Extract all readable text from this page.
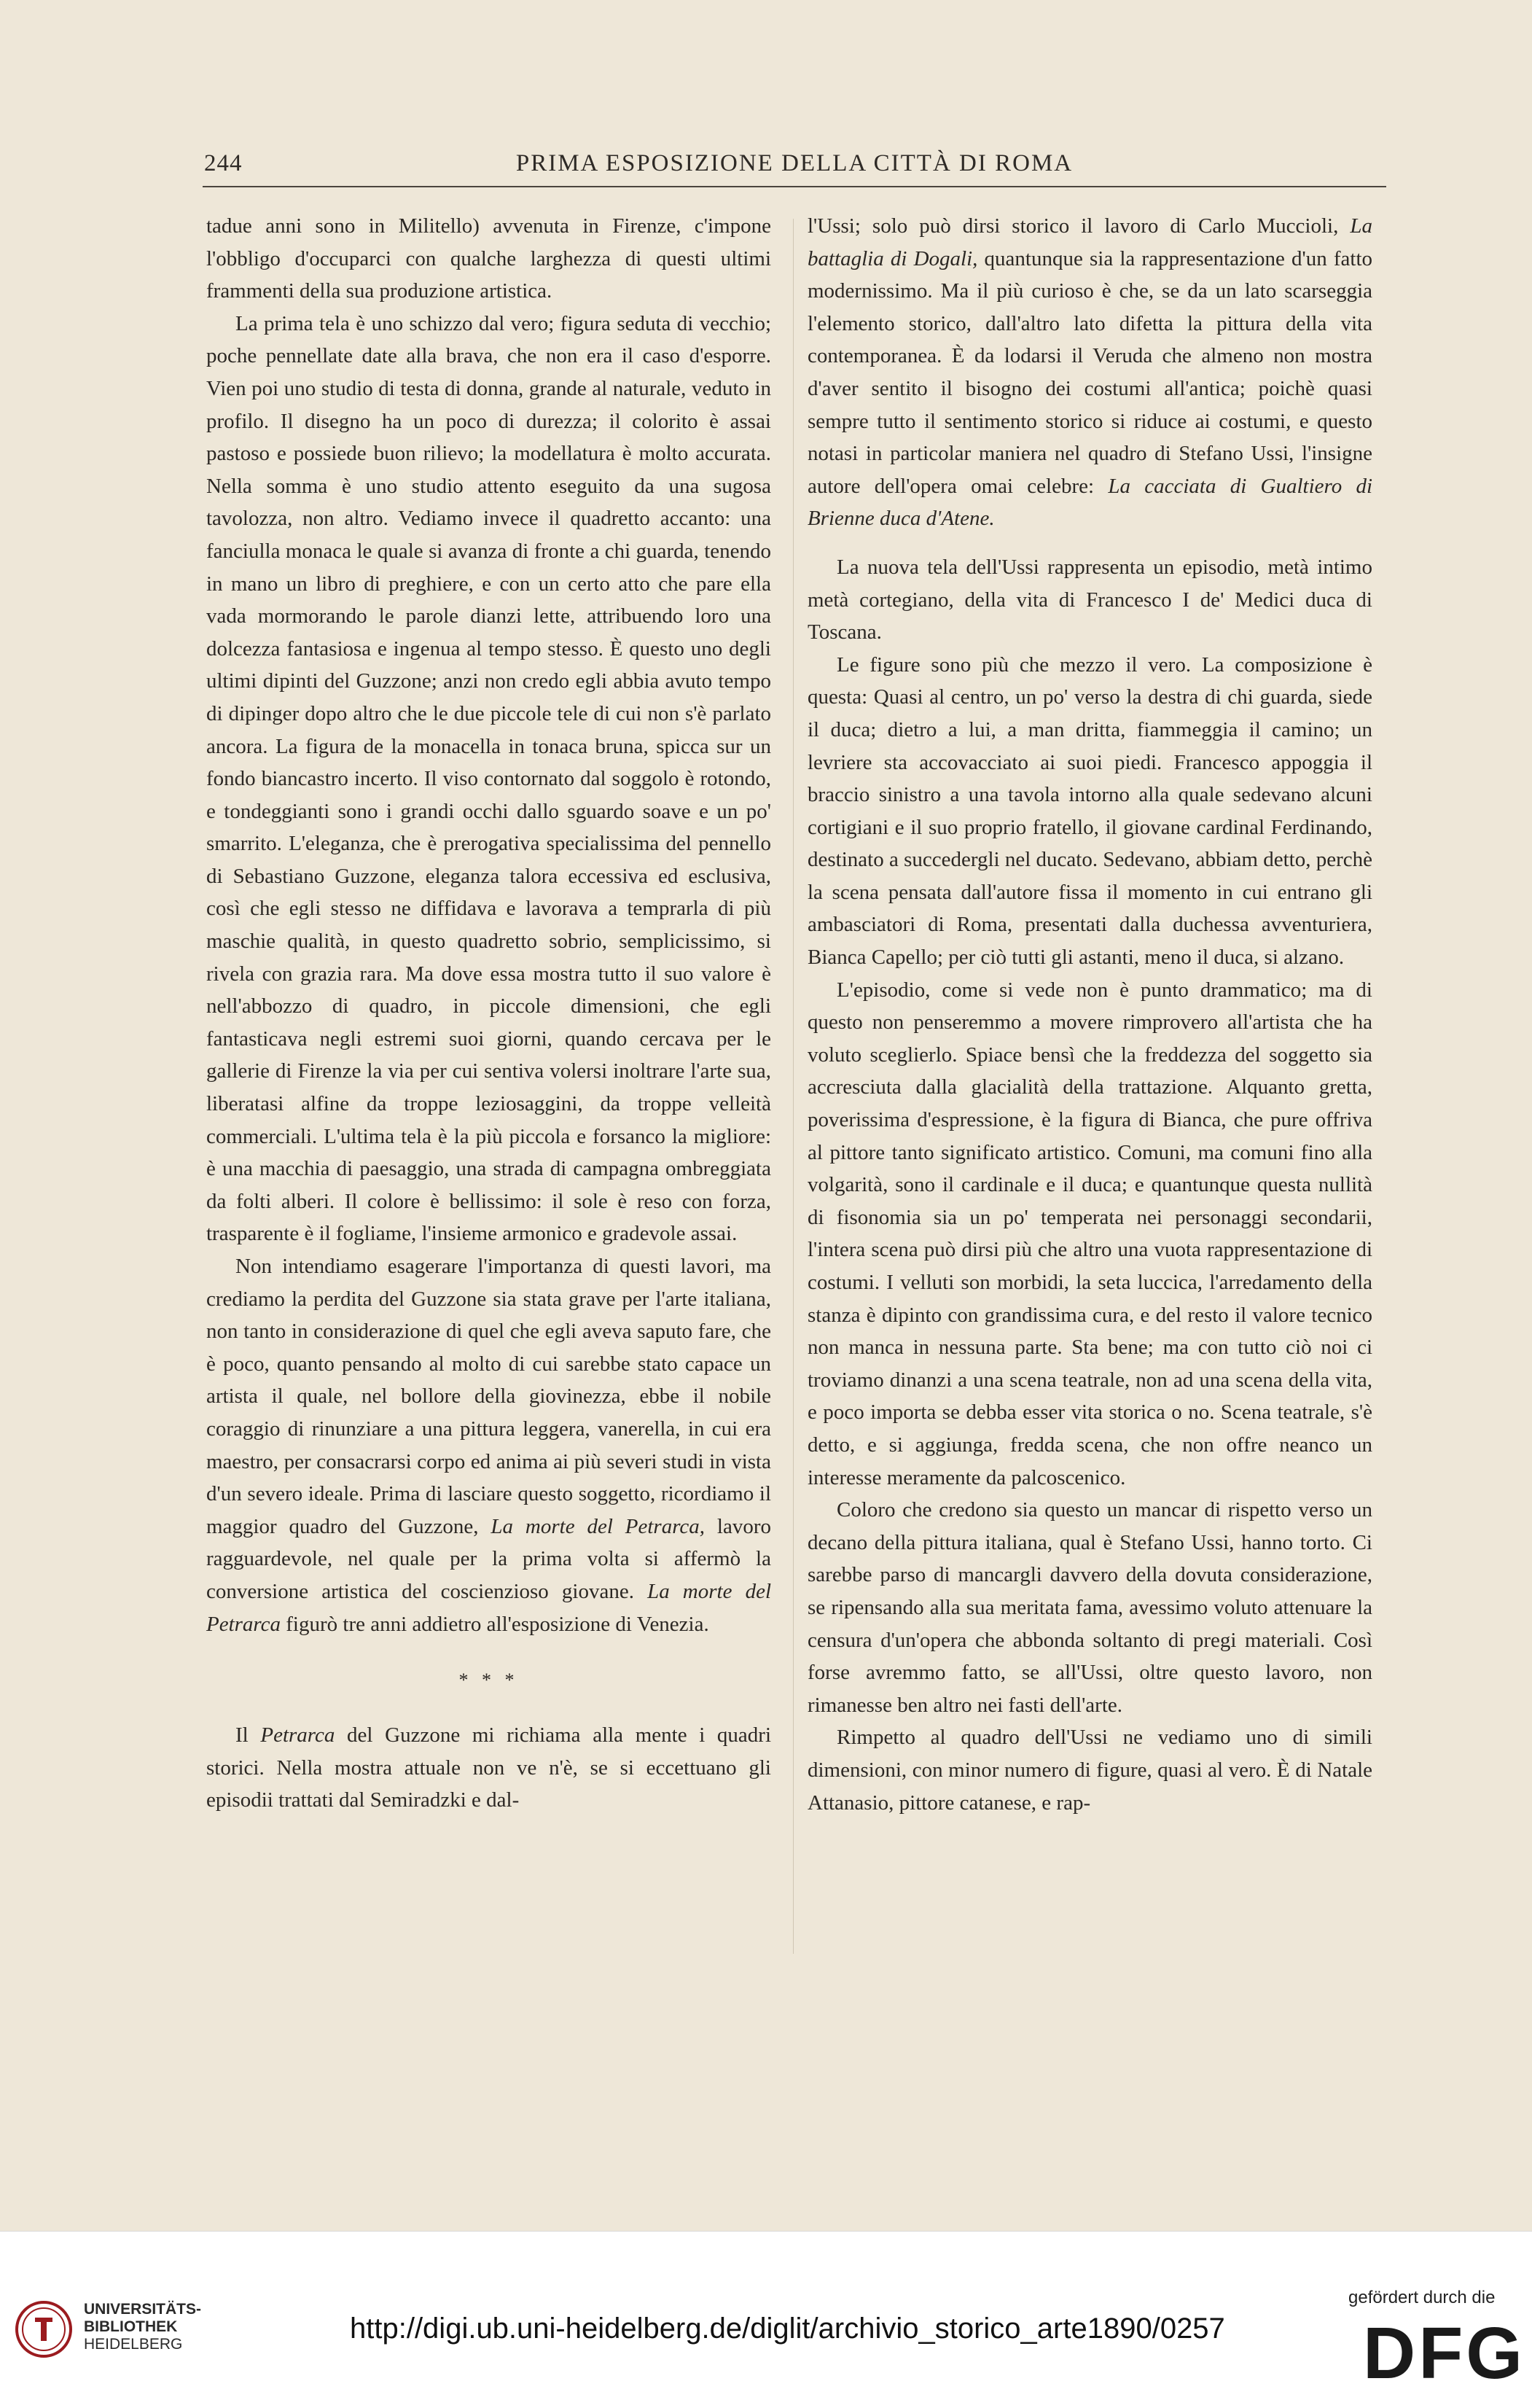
244	PRIMA ESPOSIZIONE DELLA CITTÀ DI ROMA

tadue anni sono in Militello) avvenuta in Firenze, c'impone l'obbligo d'occuparci con qualche larghezza di questi ultimi frammenti della sua produzione artistica.

La prima tela è uno schizzo dal vero; figura seduta di vecchio; poche pennellate date alla brava, che non era il caso d'esporre. Vien poi uno studio di testa di donna, grande al naturale, veduto in profilo. Il disegno ha un poco di durezza; il colorito è assai pastoso e possiede buon rilievo; la modellatura è molto accurata. Nella somma è uno studio attento eseguito da una sugosa tavolozza, non altro. Vediamo invece il quadretto accanto: una fanciulla monaca le quale si avanza di fronte a chi guarda, tenendo in mano un libro di preghiere, e con un certo atto che pare ella vada mormorando le parole dianzi lette, attribuendo loro una dolcezza fantasiosa e ingenua al tempo stesso. È questo uno degli ultimi dipinti del Guzzone; anzi non credo egli abbia avuto tempo di dipinger dopo altro che le due piccole tele di cui non s'è parlato ancora. La figura de la monacella in tonaca bruna, spicca sur un fondo biancastro incerto. Il viso contornato dal soggolo è rotondo, e tondeggianti sono i grandi occhi dallo sguardo soave e un po' smarrito. L'eleganza, che è prerogativa specialissima del pennello di Sebastiano Guzzone, eleganza talora eccessiva ed esclusiva, così che egli stesso ne diffidava e lavorava a temprarla di più maschie qualità, in questo quadretto sobrio, semplicissimo, si rivela con grazia rara. Ma dove essa mostra tutto il suo valore è nell'abbozzo di quadro, in piccole dimensioni, che egli fantasticava negli estremi suoi giorni, quando cercava per le gallerie di Firenze la via per cui sentiva volersi inoltrare l'arte sua, liberatasi alfine da troppe leziosaggini, da troppe velleità commerciali. L'ultima tela è la più piccola e forsanco la migliore: è una macchia di paesaggio, una strada di campagna ombreggiata da folti alberi. Il colore è bellissimo: il sole è reso con forza, trasparente è il fogliame, l'insieme armonico e gradevole assai.

Non intendiamo esagerare l'importanza di questi lavori, ma crediamo la perdita del Guzzone sia stata grave per l'arte italiana, non tanto in considerazione di quel che egli aveva saputo fare, che è poco, quanto pensando al molto di cui sarebbe stato capace un artista il quale, nel bollore della giovinezza, ebbe il nobile coraggio di rinunziare a una pittura leggera, vanerella, in cui era maestro, per consacrarsi corpo ed anima ai più severi studi in vista d'un severo ideale. Prima di lasciare questo soggetto, ricordiamo il maggior quadro del Guzzone, La morte del Petrarca, lavoro ragguardevole, nel quale per la prima volta si affermò la conversione artistica del coscienzioso giovane. La morte del Petrarca figurò tre anni addietro all'esposizione di Venezia.

* * *

Il Petrarca del Guzzone mi richiama alla mente i quadri storici. Nella mostra attuale non ve n'è, se si eccettuano gli episodii trattati dal Semiradzki e dal-

l'Ussi; solo può dirsi storico il lavoro di Carlo Muccioli, La battaglia di Dogali, quantunque sia la rappresentazione d'un fatto modernissimo. Ma il più curioso è che, se da un lato scarseggia l'elemento storico, dall'altro lato difetta la pittura della vita contemporanea. È da lodarsi il Veruda che almeno non mostra d'aver sentito il bisogno dei costumi all'antica; poichè quasi sempre tutto il sentimento storico si riduce ai costumi, e questo notasi in particolar maniera nel quadro di Stefano Ussi, l'insigne autore dell'opera omai celebre: La cacciata di Gualtiero di Brienne duca d'Atene.

La nuova tela dell'Ussi rappresenta un episodio, metà intimo metà cortegiano, della vita di Francesco I de' Medici duca di Toscana.

Le figure sono più che mezzo il vero. La composizione è questa: Quasi al centro, un po' verso la destra di chi guarda, siede il duca; dietro a lui, a man dritta, fiammeggia il camino; un levriere sta accovacciato ai suoi piedi. Francesco appoggia il braccio sinistro a una tavola intorno alla quale sedevano alcuni cortigiani e il suo proprio fratello, il giovane cardinal Ferdinando, destinato a succedergli nel ducato. Sedevano, abbiam detto, perchè la scena pensata dall'autore fissa il momento in cui entrano gli ambasciatori di Roma, presentati dalla duchessa avventuriera, Bianca Capello; per ciò tutti gli astanti, meno il duca, si alzano.

L'episodio, come si vede non è punto drammatico; ma di questo non penseremmo a movere rimprovero all'artista che ha voluto sceglierlo. Spiace bensì che la freddezza del soggetto sia accresciuta dalla glacialità della trattazione. Alquanto gretta, poverissima d'espressione, è la figura di Bianca, che pure offriva al pittore tanto significato artistico. Comuni, ma comuni fino alla volgarità, sono il cardinale e il duca; e quantunque questa nullità di fisonomia sia un po' temperata nei personaggi secondarii, l'intera scena può dirsi più che altro una vuota rappresentazione di costumi. I velluti son morbidi, la seta luccica, l'arredamento della stanza è dipinto con grandissima cura, e del resto il valore tecnico non manca in nessuna parte. Sta bene; ma con tutto ciò noi ci troviamo dinanzi a una scena teatrale, non ad una scena della vita, e poco importa se debba esser vita storica o no. Scena teatrale, s'è detto, e si aggiunga, fredda scena, che non offre neanco un interesse meramente da palcoscenico.

Coloro che credono sia questo un mancar di rispetto verso un decano della pittura italiana, qual è Stefano Ussi, hanno torto. Ci sarebbe parso di mancargli davvero della dovuta considerazione, se ripensando alla sua meritata fama, avessimo voluto attenuare la censura d'un'opera che abbonda soltanto di pregi materiali. Così forse avremmo fatto, se all'Ussi, oltre questo lavoro, non rimanesse ben altro nei fasti dell'arte.

Rimpetto al quadro dell'Ussi ne vediamo uno di simili dimensioni, con minor numero di figure, quasi al vero. È di Natale Attanasio, pittore catanese, e rap-

UNIVERSITÄTS-
BIBLIOTHEK
HEIDELBERG	http://digi.ub.uni-heidelberg.de/diglit/archivio_storico_arte1890/0257
gefördert durch die
DFG
